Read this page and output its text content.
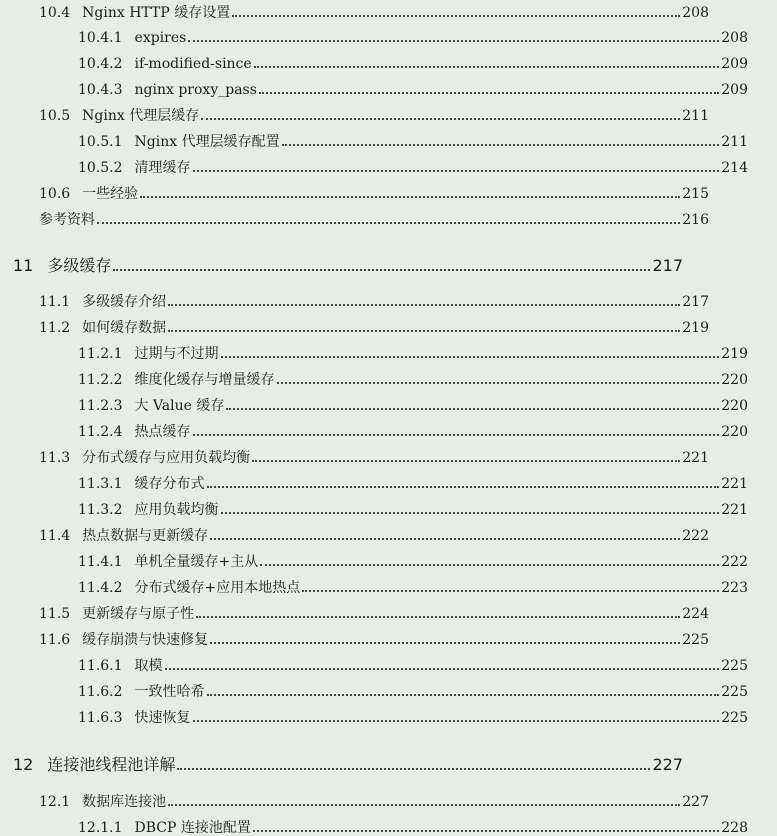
10.4 Nginx HTTP 缓存设置	208
10.4.1 expires	208
10.4.2 if-modified-since	209
10.4.3 nginx proxy_pass	209
10.5 Nginx 代理层缓存	211
10.5.1 Nginx 代理层缓存配置	211
10.5.2 清理缓存	214
10.6 一些经验	215
参考资料	216
11 多级缓存	217
11.1 多级缓存介绍	217
11.2 如何缓存数据	219
11.2.1 过期与不过期	219
11.2.2 维度化缓存与增量缓存	220
11.2.3 大 Value 缓存	220
11.2.4 热点缓存	220
11.3 分布式缓存与应用负载均衡	221
11.3.1 缓存分布式	221
11.3.2 应用负载均衡	221
11.4 热点数据与更新缓存	222
11.4.1 单机全量缓存+主从	222
11.4.2 分布式缓存+应用本地热点	223
11.5 更新缓存与原子性	224
11.6 缓存崩溃与快速修复	225
11.6.1 取模	225
11.6.2 一致性哈希	225
11.6.3 快速恢复	225
12 连接池线程池详解	227
12.1 数据库连接池	227
12.1.1 DBCP 连接池配置	228
